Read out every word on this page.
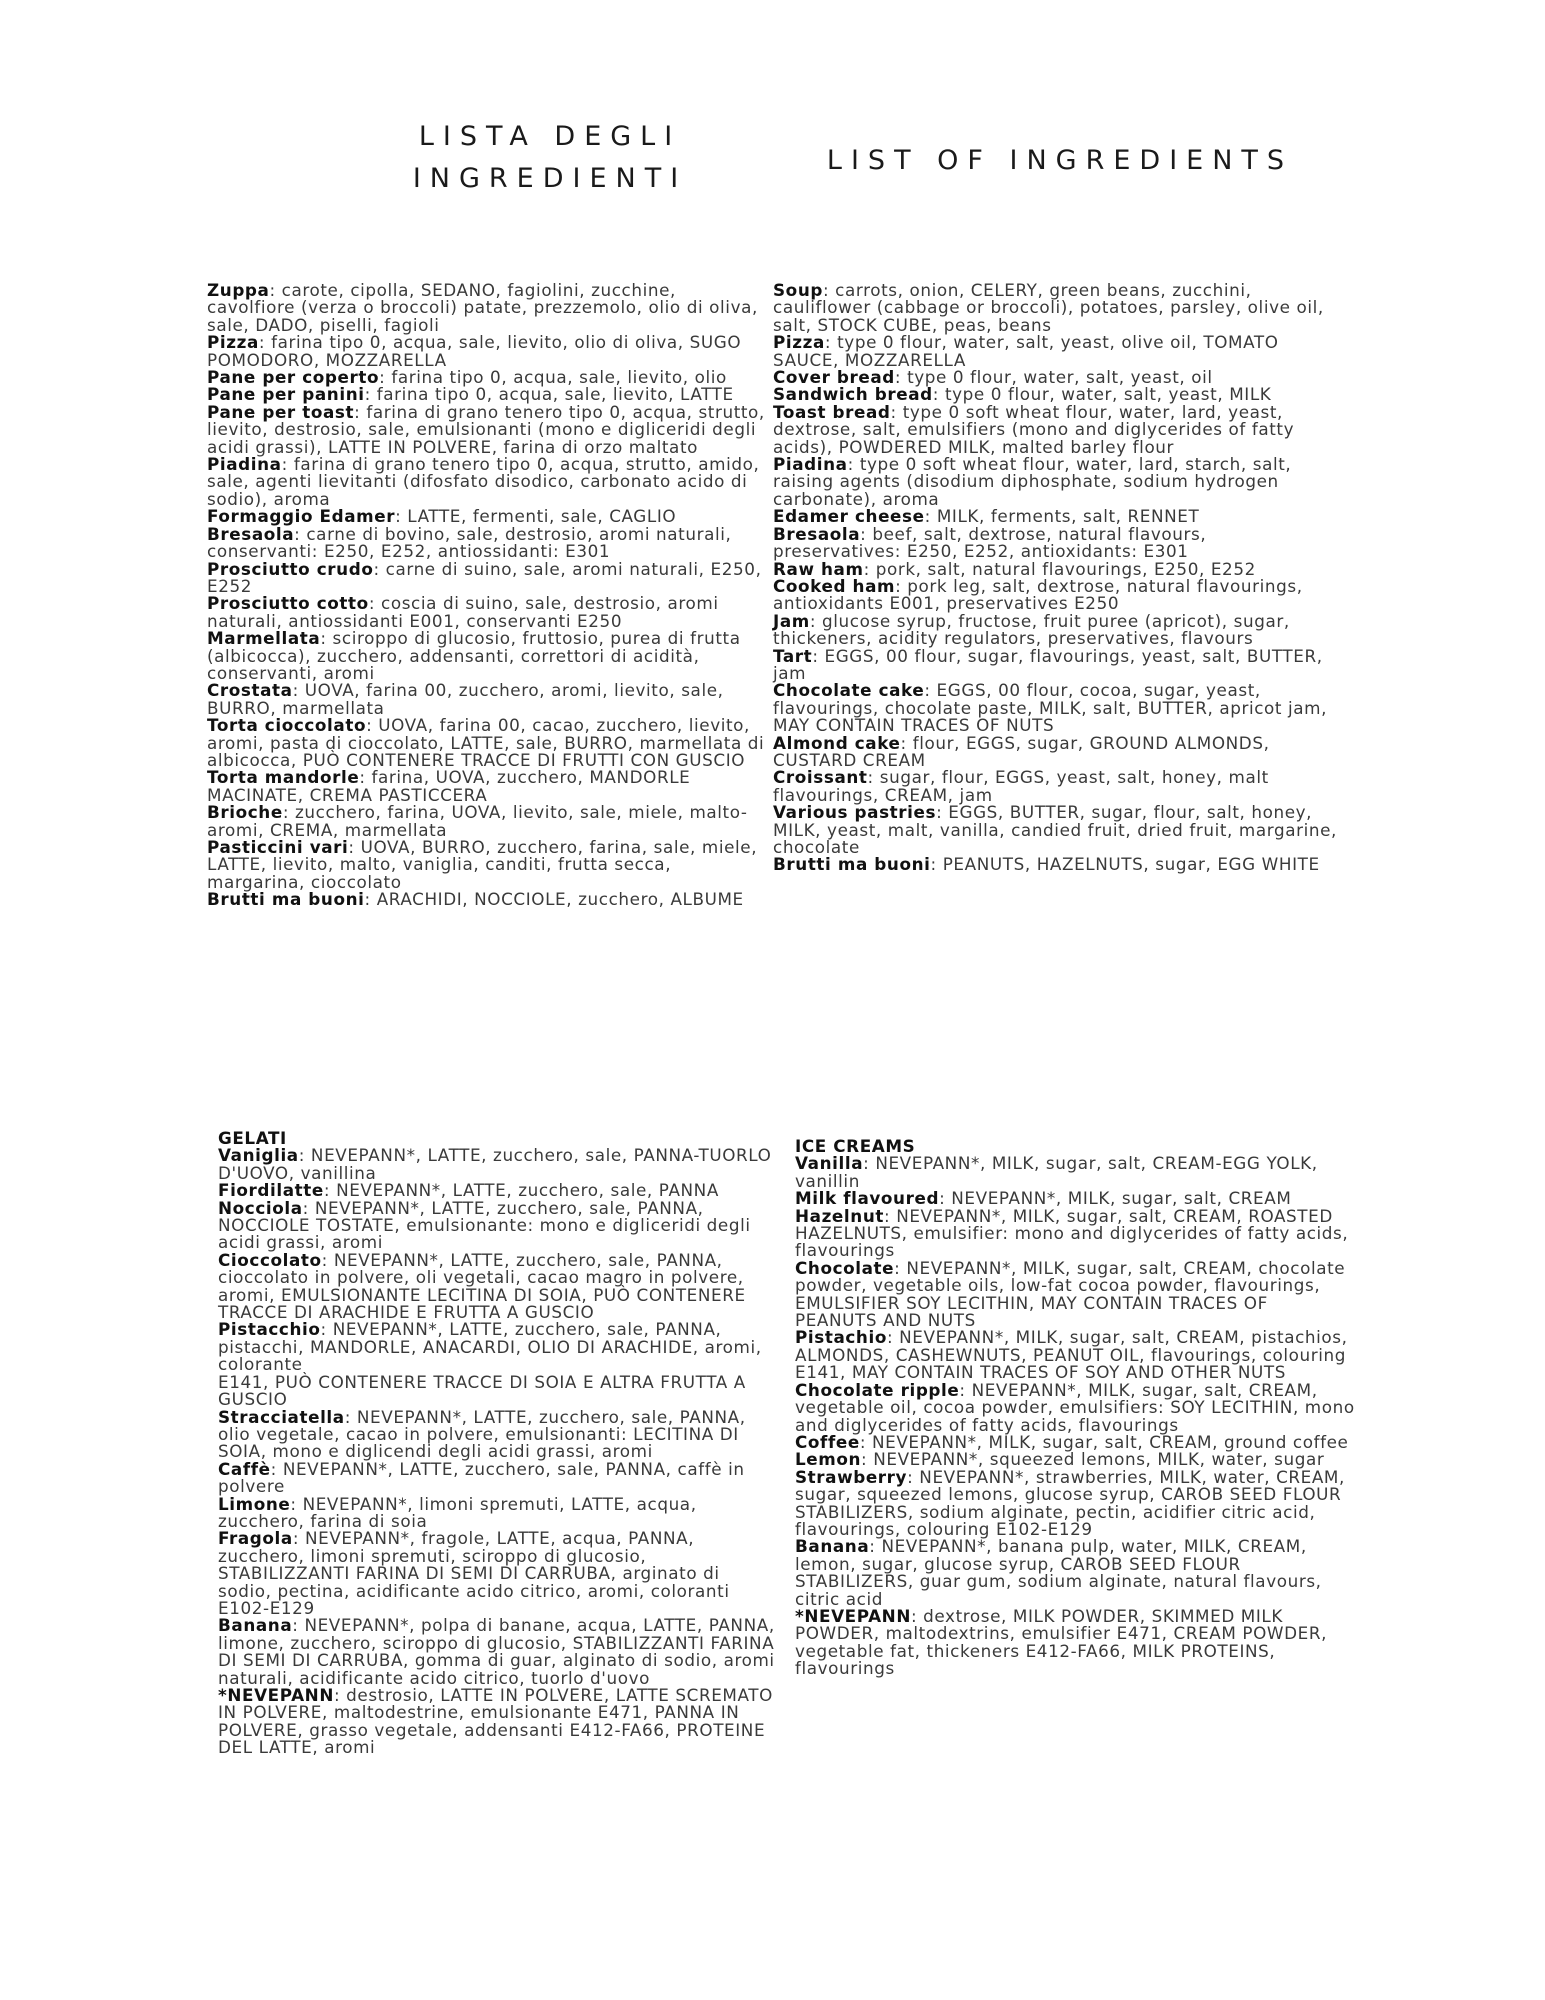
LISTA DEGLI INGREDIENTI
LIST OF INGREDIENTS

Zuppa: carote, cipolla, SEDANO, fagiolini, zucchine, cavolfiore (verza o broccoli) patate, prezzemolo, olio di oliva, sale, DADO, piselli, fagioli

Pizza: farina tipo 0, acqua, sale, lievito, olio di oliva, SUGO POMODORO, MOZZARELLA

Pane per coperto: farina tipo 0, acqua, sale, lievito, olio

Pane per panini: farina tipo 0, acqua, sale, lievito, LATTE

Pane per toast: farina di grano tenero tipo 0, acqua, strutto, lievito, destrosio, sale, emulsionanti (mono e digliceridi degli acidi grassi), LATTE IN POLVERE, farina di orzo maltato

Piadina: farina di grano tenero tipo 0, acqua, strutto, amido, sale, agenti lievitanti (difosfato disodico, carbonato acido di sodio), aroma

Formaggio Edamer: LATTE, fermenti, sale, CAGLIO

Bresaola: carne di bovino, sale, destrosio, aromi naturali, conservanti: E250, E252, antiossidanti: E301

Prosciutto crudo: carne di suino, sale, aromi naturali, E250, E252

Prosciutto cotto: coscia di suino, sale, destrosio, aromi naturali, antiossidanti E001, conservanti E250

Marmellata: sciroppo di glucosio, fruttosio, purea di frutta (albicocca), zucchero, addensanti, correttori di acidità, conservanti, aromi

Crostata: UOVA, farina 00, zucchero, aromi, lievito, sale, BURRO, marmellata

Torta cioccolato: UOVA, farina 00, cacao, zucchero, lievito, aromi, pasta di cioccolato, LATTE, sale, BURRO, marmellata di albicocca, PUÒ CONTENERE TRACCE DI FRUTTI CON GUSCIO

Torta mandorle: farina, UOVA, zucchero, MANDORLE MACINATE, CREMA PASTICCERA

Brioche: zucchero, farina, UOVA, lievito, sale, miele, malto-aromi, CREMA, marmellata

Pasticcini vari: UOVA, BURRO, zucchero, farina, sale, miele, LATTE, lievito, malto, vaniglia, canditi, frutta secca, margarina, cioccolato

Brutti ma buoni: ARACHIDI, NOCCIOLE, zucchero, ALBUME

Soup: carrots, onion, CELERY, green beans, zucchini, cauliflower (cabbage or broccoli), potatoes, parsley, olive oil, salt, STOCK CUBE, peas, beans

Pizza: type 0 flour, water, salt, yeast, olive oil, TOMATO SAUCE, MOZZARELLA

Cover bread: type 0 flour, water, salt, yeast, oil

Sandwich bread: type 0 flour, water, salt, yeast, MILK

Toast bread: type 0 soft wheat flour, water, lard, yeast, dextrose, salt, emulsifiers (mono and diglycerides of fatty acids), POWDERED MILK, malted barley flour

Piadina: type 0 soft wheat flour, water, lard, starch, salt, raising agents (disodium diphosphate, sodium hydrogen carbonate), aroma

Edamer cheese: MILK, ferments, salt, RENNET

Bresaola: beef, salt, dextrose, natural flavours, preservatives: E250, E252, antioxidants: E301

Raw ham: pork, salt, natural flavourings, E250, E252

Cooked ham: pork leg, salt, dextrose, natural flavourings, antioxidants E001, preservatives E250

Jam: glucose syrup, fructose, fruit puree (apricot), sugar, thickeners, acidity regulators, preservatives, flavours

Tart: EGGS, 00 flour, sugar, flavourings, yeast, salt, BUTTER, jam

Chocolate cake: EGGS, 00 flour, cocoa, sugar, yeast, flavourings, chocolate paste, MILK, salt, BUTTER, apricot jam, MAY CONTAIN TRACES OF NUTS

Almond cake: flour, EGGS, sugar, GROUND ALMONDS, CUSTARD CREAM

Croissant: sugar, flour, EGGS, yeast, salt, honey, malt flavourings, CREAM, jam

Various pastries: EGGS, BUTTER, sugar, flour, salt, honey, MILK, yeast, malt, vanilla, candied fruit, dried fruit, margarine, chocolate

Brutti ma buoni: PEANUTS, HAZELNUTS, sugar, EGG WHITE

GELATI

Vaniglia: NEVEPANN*, LATTE, zucchero, sale, PANNA-TUORLO D'UOVO, vanillina

Fiordilatte: NEVEPANN*, LATTE, zucchero, sale, PANNA

Nocciola: NEVEPANN*, LATTE, zucchero, sale, PANNA, NOCCIOLE TOSTATE, emulsionante: mono e digliceridi degli acidi grassi, aromi

Cioccolato: NEVEPANN*, LATTE, zucchero, sale, PANNA, cioccolato in polvere, oli vegetali, cacao magro in polvere, aromi, EMULSIONANTE LECITINA DI SOIA, PUÒ CONTENERE TRACCE DI ARACHIDE E FRUTTA A GUSCIO

Pistacchio: NEVEPANN*, LATTE, zucchero, sale, PANNA, pistacchi, MANDORLE, ANACARDI, OLIO DI ARACHIDE, aromi, colorante

E141, PUÒ CONTENERE TRACCE DI SOIA E ALTRA FRUTTA A GUSCIO

Stracciatella: NEVEPANN*, LATTE, zucchero, sale, PANNA, olio vegetale, cacao in polvere, emulsionanti: LECITINA DI SOIA, mono e diglicendi degli acidi grassi, aromi

Caffè: NEVEPANN*, LATTE, zucchero, sale, PANNA, caffè in polvere

Limone: NEVEPANN*, limoni spremuti, LATTE, acqua, zucchero, farina di soia

Fragola: NEVEPANN*, fragole, LATTE, acqua, PANNA, zucchero, limoni spremuti, sciroppo di glucosio, STABILIZZANTI FARINA DI SEMI DI CARRUBA, arginato di sodio, pectina, acidificante acido citrico, aromi, coloranti E102-E129

Banana: NEVEPANN*, polpa di banane, acqua, LATTE, PANNA, limone, zucchero, sciroppo di glucosio, STABILIZZANTI FARINA DI SEMI DI CARRUBA, gomma di guar, alginato di sodio, aromi naturali, acidificante acido citrico, tuorlo d'uovo

*NEVEPANN: destrosio, LATTE IN POLVERE, LATTE SCREMATO IN POLVERE, maltodestrine, emulsionante E471, PANNA IN POLVERE, grasso vegetale, addensanti E412-FA66, PROTEINE DEL LATTE, aromi

ICE CREAMS

Vanilla: NEVEPANN*, MILK, sugar, salt, CREAM-EGG YOLK, vanillin

Milk flavoured: NEVEPANN*, MILK, sugar, salt, CREAM

Hazelnut: NEVEPANN*, MILK, sugar, salt, CREAM, ROASTED HAZELNUTS, emulsifier: mono and diglycerides of fatty acids, flavourings

Chocolate: NEVEPANN*, MILK, sugar, salt, CREAM, chocolate powder, vegetable oils, low-fat cocoa powder, flavourings, EMULSIFIER SOY LECITHIN, MAY CONTAIN TRACES OF PEANUTS AND NUTS

Pistachio: NEVEPANN*, MILK, sugar, salt, CREAM, pistachios, ALMONDS, CASHEWNUTS, PEANUT OIL, flavourings, colouring

E141, MAY CONTAIN TRACES OF SOY AND OTHER NUTS

Chocolate ripple: NEVEPANN*, MILK, sugar, salt, CREAM, vegetable oil, cocoa powder, emulsifiers: SOY LECITHIN, mono and diglycerides of fatty acids, flavourings

Coffee: NEVEPANN*, MILK, sugar, salt, CREAM, ground coffee

Lemon: NEVEPANN*, squeezed lemons, MILK, water, sugar

Strawberry: NEVEPANN*, strawberries, MILK, water, CREAM, sugar, squeezed lemons, glucose syrup, CAROB SEED FLOUR STABILIZERS, sodium alginate, pectin, acidifier citric acid, flavourings, colouring E102-E129

Banana: NEVEPANN*, banana pulp, water, MILK, CREAM, lemon, sugar, glucose syrup, CAROB SEED FLOUR STABILIZERS, guar gum, sodium alginate, natural flavours, citric acid

*NEVEPANN: dextrose, MILK POWDER, SKIMMED MILK POWDER, maltodextrins, emulsifier E471, CREAM POWDER, vegetable fat, thickeners E412-FA66, MILK PROTEINS, flavourings
